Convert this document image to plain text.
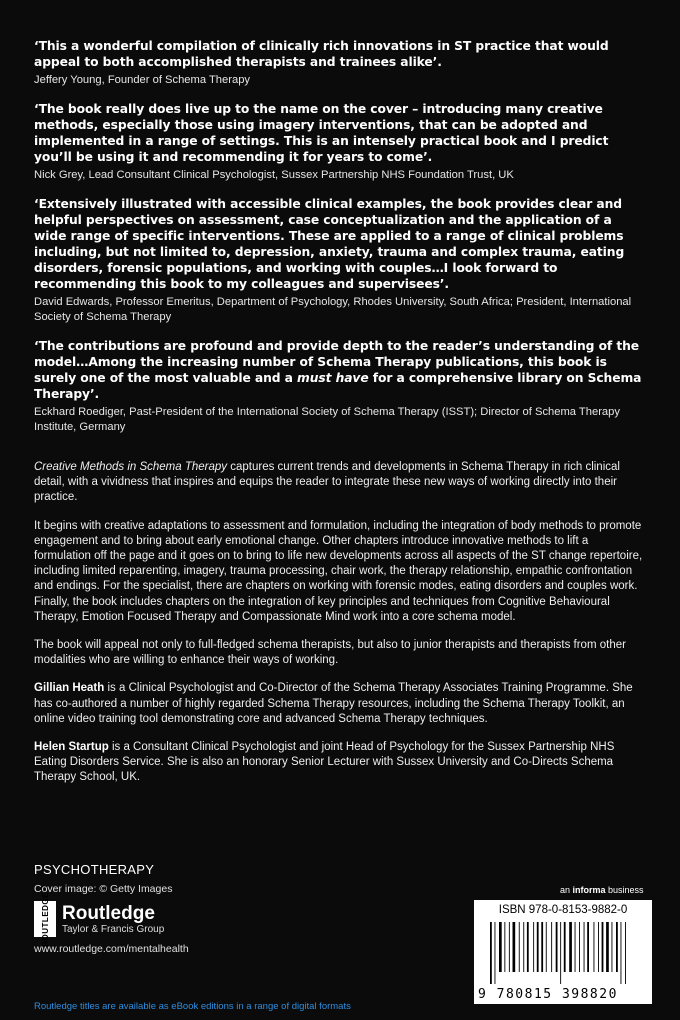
‘This a wonderful compilation of clinically rich innovations in ST practice that would appeal to both accomplished therapists and trainees alike’.
Jeffery Young, Founder of Schema Therapy
‘The book really does live up to the name on the cover – introducing many creative methods, especially those using imagery interventions, that can be adopted and implemented in a range of settings. This is an intensely practical book and I predict you’ll be using it and recommending it for years to come’.
Nick Grey, Lead Consultant Clinical Psychologist, Sussex Partnership NHS Foundation Trust, UK
‘Extensively illustrated with accessible clinical examples, the book provides clear and helpful perspectives on assessment, case conceptualization and the application of a wide range of specific interventions. These are applied to a range of clinical problems including, but not limited to, depression, anxiety, trauma and complex trauma, eating disorders, forensic populations, and working with couples…I look forward to recommending this book to my colleagues and supervisees’.
David Edwards, Professor Emeritus, Department of Psychology, Rhodes University, South Africa; President, International Society of Schema Therapy
‘The contributions are profound and provide depth to the reader’s understanding of the model…Among the increasing number of Schema Therapy publications, this book is surely one of the most valuable and a must have for a comprehensive library on Schema Therapy’.
Eckhard Roediger, Past-President of the International Society of Schema Therapy (ISST); Director of Schema Therapy Institute, Germany

Creative Methods in Schema Therapy captures current trends and developments in Schema Therapy in rich clinical detail, with a vividness that inspires and equips the reader to integrate these new ways of working directly into their practice.

It begins with creative adaptations to assessment and formulation, including the integration of body methods to promote engagement and to bring about early emotional change. Other chapters introduce innovative methods to lift a formulation off the page and it goes on to bring to life new developments across all aspects of the ST change repertoire, including limited reparenting, imagery, trauma processing, chair work, the therapy relationship, empathic confrontation and endings. For the specialist, there are chapters on working with forensic modes, eating disorders and couples work. Finally, the book includes chapters on the integration of key principles and techniques from Cognitive Behavioural Therapy, Emotion Focused Therapy and Compassionate Mind work into a core schema model.

The book will appeal not only to full-fledged schema therapists, but also to junior therapists and therapists from other modalities who are willing to enhance their ways of working.

Gillian Heath is a Clinical Psychologist and Co-Director of the Schema Therapy Associates Training Programme. She has co-authored a number of highly regarded Schema Therapy resources, including the Schema Therapy Toolkit, an online video training tool demonstrating core and advanced Schema Therapy techniques.

Helen Startup is a Consultant Clinical Psychologist and joint Head of Psychology for the Sussex Partnership NHS Eating Disorders Service. She is also an honorary Senior Lecturer with Sussex University and Co-Directs Schema Therapy School, UK.

PSYCHOTHERAPY
Cover image: © Getty Images
ROUTLEDGE Routledge
Taylor & Francis Group
www.routledge.com/mentalhealth
an informa business
ISBN 978-0-8153-9882-0
9 780815 398820
Routledge titles are available as eBook editions in a range of digital formats
